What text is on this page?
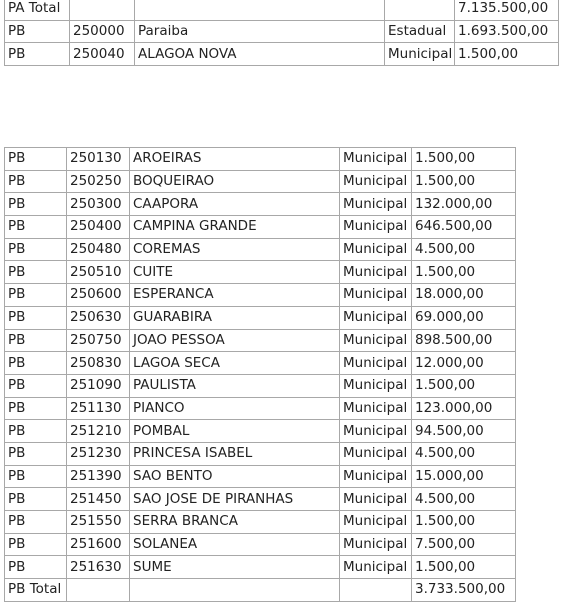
PA Total				7.135.500,00
PB	250000	Paraiba	Estadual	1.693.500,00
PB	250040	ALAGOA NOVA	Municipal	1.500,00
PB	250130	AROEIRAS	Municipal	1.500,00
PB	250250	BOQUEIRAO	Municipal	1.500,00
PB	250300	CAAPORA	Municipal	132.000,00
PB	250400	CAMPINA GRANDE	Municipal	646.500,00
PB	250480	COREMAS	Municipal	4.500,00
PB	250510	CUITE	Municipal	1.500,00
PB	250600	ESPERANCA	Municipal	18.000,00
PB	250630	GUARABIRA	Municipal	69.000,00
PB	250750	JOAO PESSOA	Municipal	898.500,00
PB	250830	LAGOA SECA	Municipal	12.000,00
PB	251090	PAULISTA	Municipal	1.500,00
PB	251130	PIANCO	Municipal	123.000,00
PB	251210	POMBAL	Municipal	94.500,00
PB	251230	PRINCESA ISABEL	Municipal	4.500,00
PB	251390	SAO BENTO	Municipal	15.000,00
PB	251450	SAO JOSE DE PIRANHAS	Municipal	4.500,00
PB	251550	SERRA BRANCA	Municipal	1.500,00
PB	251600	SOLANEA	Municipal	7.500,00
PB	251630	SUME	Municipal	1.500,00
PB Total				3.733.500,00
